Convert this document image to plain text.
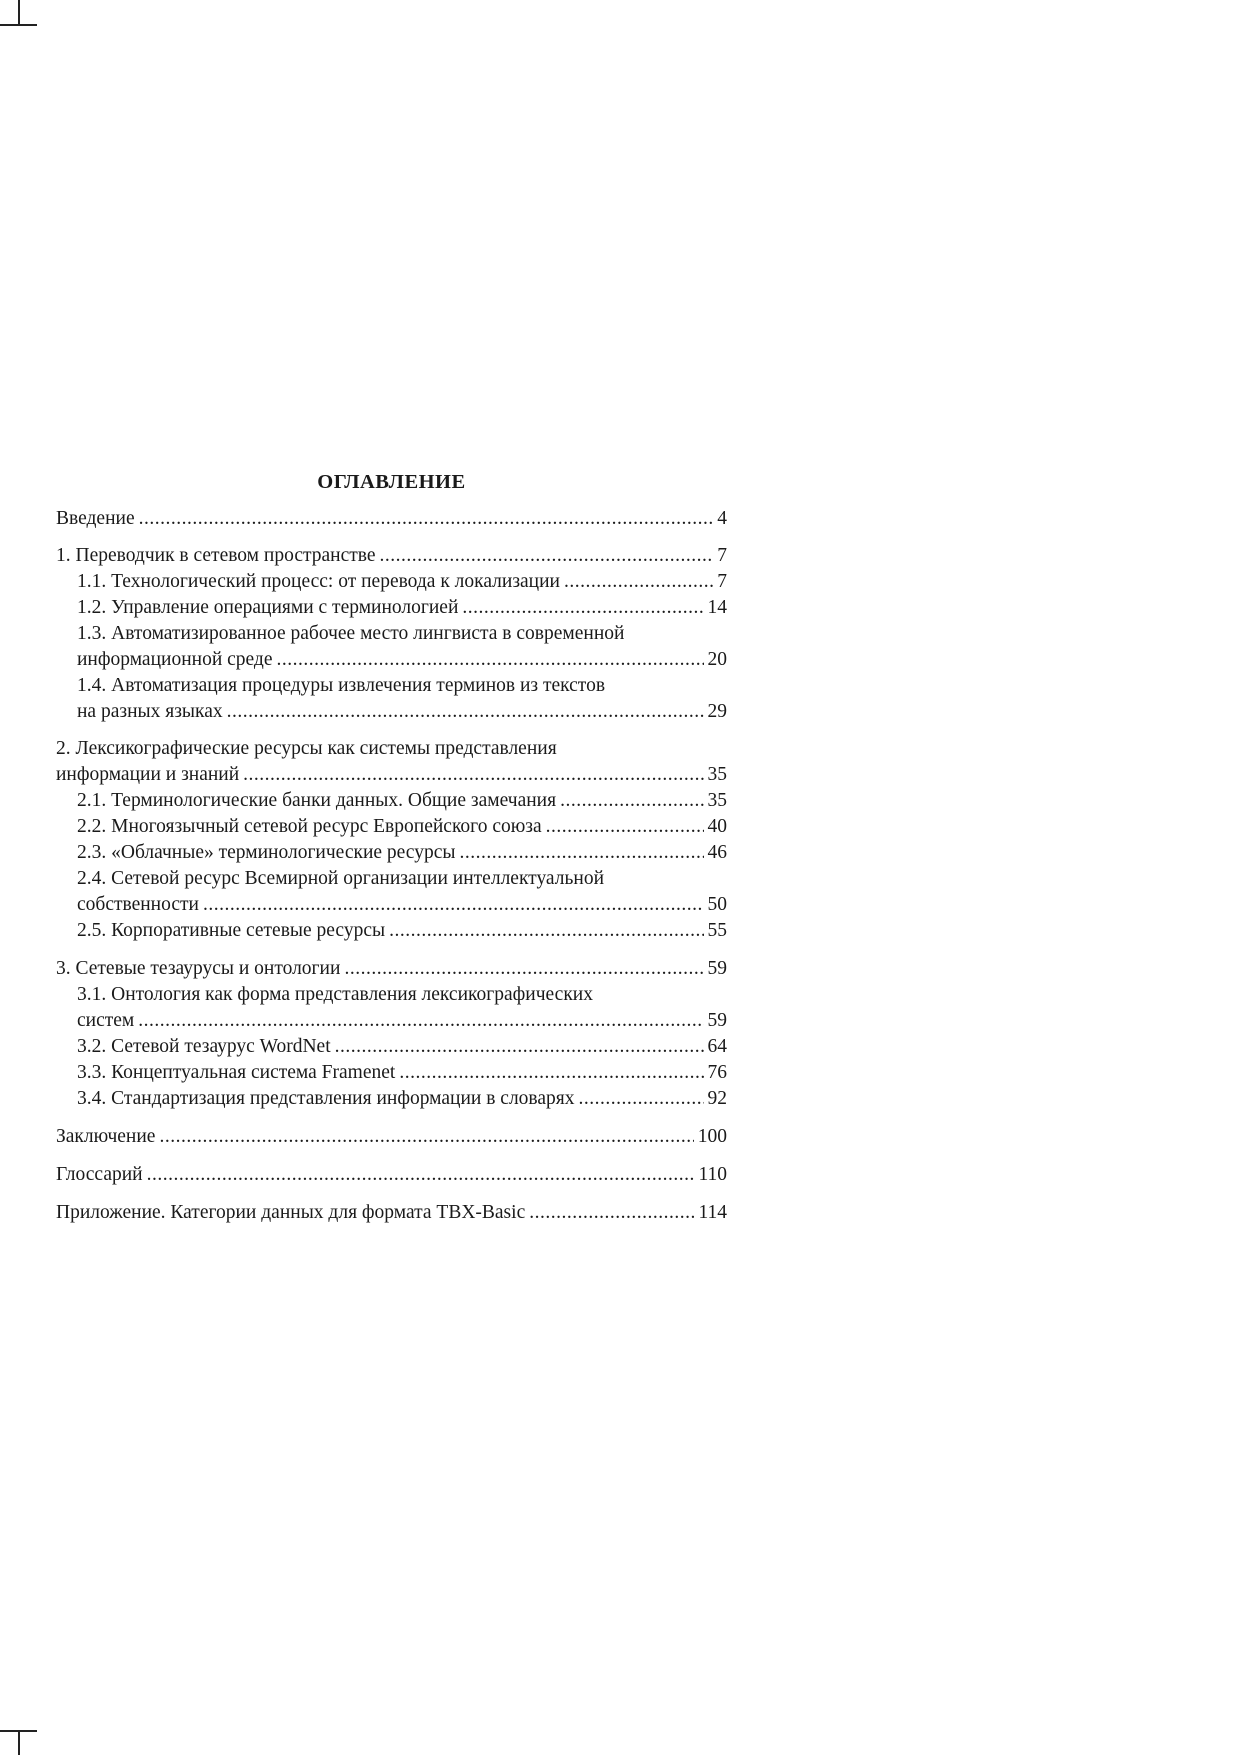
ОГЛАВЛЕНИЕ
Введение .....	4
1. Переводчик в сетевом пространстве .....	7
1.1. Технологический процесс: от перевода к локализации .....	7
1.2. Управление операциями с терминологией .....	14
1.3. Автоматизированное рабочее место лингвиста в современной
информационной среде .....	20
1.4. Автоматизация процедуры извлечения терминов из текстов
на разных языках .....	29
2. Лексикографические ресурсы как системы представления
информации и знаний .....	35
2.1. Терминологические банки данных. Общие замечания .....	35
2.2. Многоязычный сетевой ресурс Европейского союза .....	40
2.3. «Облачные» терминологические ресурсы .....	46
2.4. Сетевой ресурс Всемирной организации интеллектуальной
собственности .....	50
2.5. Корпоративные сетевые ресурсы .....	55
3. Сетевые тезаурусы и онтологии .....	59
3.1. Онтология как форма представления лексикографических
систем .....	59
3.2. Сетевой тезаурус WordNet .....	64
3.3. Концептуальная система Framenet .....	76
3.4. Стандартизация представления информации в словарях .....	92
Заключение .....	100
Глоссарий .....	110
Приложение. Категории данных для формата TBX-Basic .....	114
